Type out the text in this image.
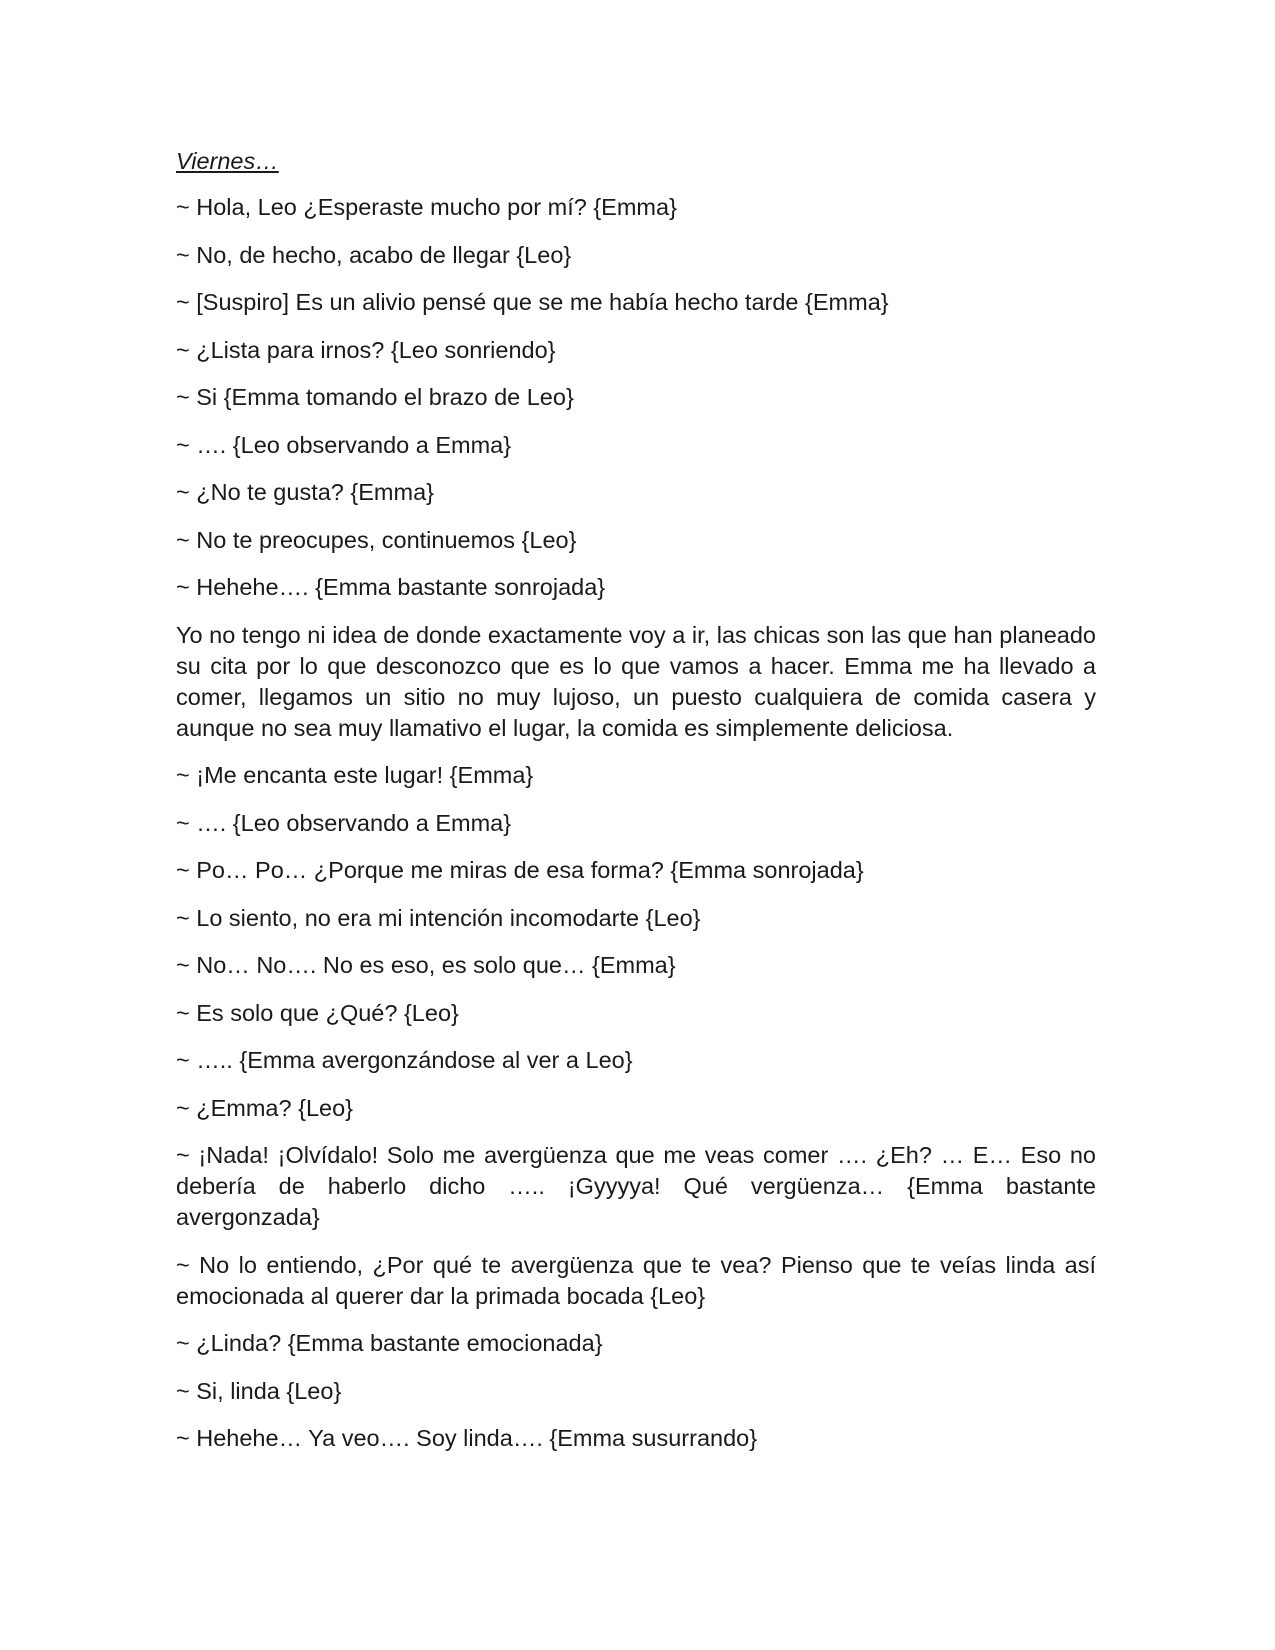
Viernes…
~ Hola, Leo ¿Esperaste mucho por mí? {Emma}
~ No, de hecho, acabo de llegar {Leo}
~ [Suspiro] Es un alivio pensé que se me había hecho tarde {Emma}
~ ¿Lista para irnos? {Leo sonriendo}
~ Si {Emma tomando el brazo de Leo}
~ …. {Leo observando a Emma}
~ ¿No te gusta? {Emma}
~ No te preocupes, continuemos {Leo}
~ Hehehe…. {Emma bastante sonrojada}
Yo no tengo ni idea de donde exactamente voy a ir, las chicas son las que han planeado su cita por lo que desconozco que es lo que vamos a hacer. Emma me ha llevado a comer, llegamos un sitio no muy lujoso, un puesto cualquiera de comida casera y aunque no sea muy llamativo el lugar, la comida es simplemente deliciosa.
~ ¡Me encanta este lugar! {Emma}
~ …. {Leo observando a Emma}
~ Po… Po… ¿Porque me miras de esa forma? {Emma sonrojada}
~ Lo siento, no era mi intención incomodarte {Leo}
~ No… No…. No es eso, es solo que… {Emma}
~ Es solo que ¿Qué? {Leo}
~ ….. {Emma avergonzándose al ver a Leo}
~ ¿Emma? {Leo}
~ ¡Nada! ¡Olvídalo! Solo me avergüenza que me veas comer …. ¿Eh? … E… Eso no debería de haberlo dicho ….. ¡Gyyyya! Qué vergüenza… {Emma bastante avergonzada}
~ No lo entiendo, ¿Por qué te avergüenza que te vea? Pienso que te veías linda así emocionada al querer dar la primada bocada {Leo}
~ ¿Linda? {Emma bastante emocionada}
~ Si, linda {Leo}
~ Hehehe… Ya veo…. Soy linda…. {Emma susurrando}
